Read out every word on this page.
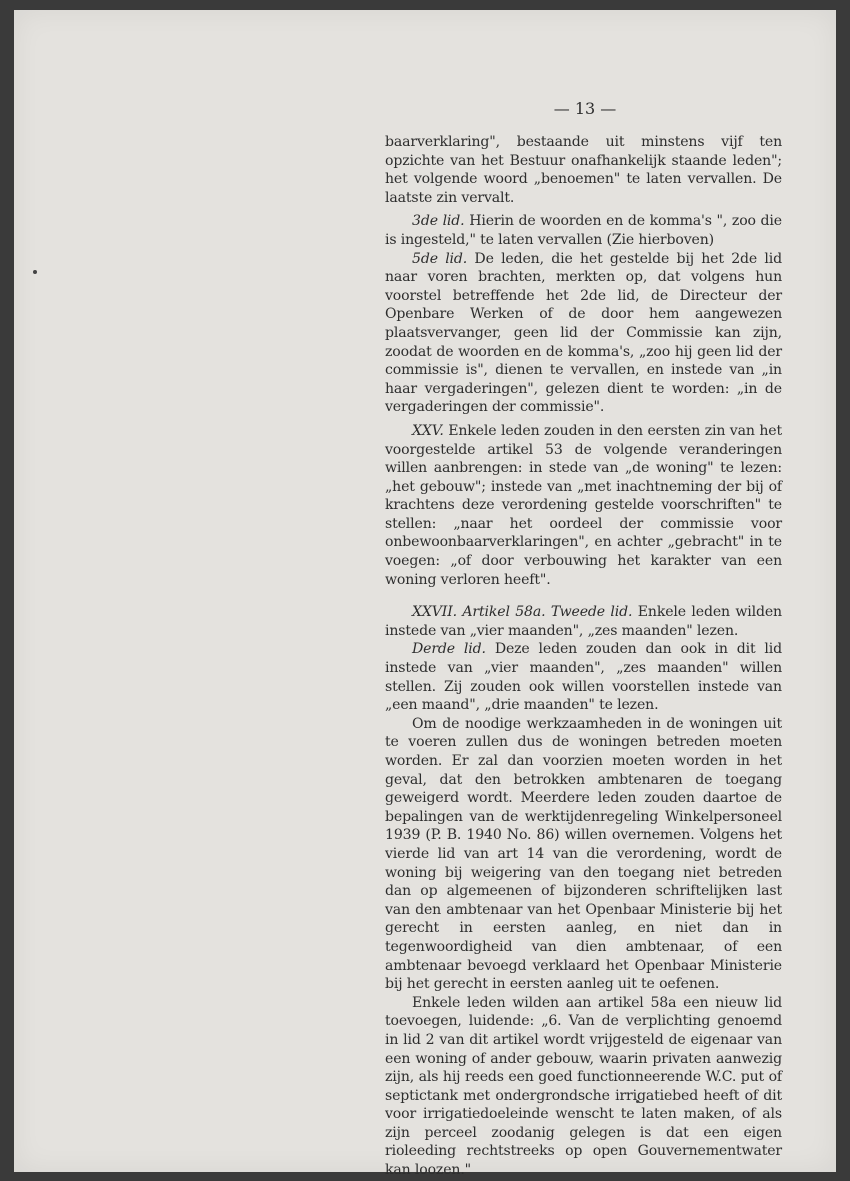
— 13 —

baarverklaring", bestaande uit minstens vijf ten opzichte van het Bestuur onafhankelijk staande leden"; het volgende woord „benoemen" te laten vervallen. De laatste zin vervalt.

3de lid. Hierin de woorden en de komma's ", zoo die is ingesteld," te laten vervallen (Zie hierboven)

5de lid. De leden, die het gestelde bij het 2de lid naar voren brachten, merkten op, dat volgens hun voorstel betreffende het 2de lid, de Directeur der Openbare Werken of de door hem aangewezen plaatsvervanger, geen lid der Commissie kan zijn, zoodat de woorden en de komma's, „zoo hij geen lid der commissie is", dienen te vervallen, en instede van „in haar vergaderingen", gelezen dient te worden: „in de vergaderingen der commissie".

XXV. Enkele leden zouden in den eersten zin van het voorgestelde artikel 53 de volgende veranderingen willen aanbrengen: in stede van „de woning" te lezen: „het gebouw"; instede van „met inachtneming der bij of krachtens deze verordening gestelde voorschriften" te stellen: „naar het oordeel der commissie voor onbewoonbaarverklaringen", en achter „gebracht" in te voegen: „of door verbouwing het karakter van een woning verloren heeft".

XXVII. Artikel 58a. Tweede lid. Enkele leden wilden instede van „vier maanden", „zes maanden" lezen.

Derde lid. Deze leden zouden dan ook in dit lid instede van „vier maanden", „zes maanden" willen stellen. Zij zouden ook willen voorstellen instede van „een maand", „drie maanden" te lezen.

Om de noodige werkzaamheden in de woningen uit te voeren zullen dus de woningen betreden moeten worden. Er zal dan voorzien moeten worden in het geval, dat den betrokken ambtenaren de toegang geweigerd wordt. Meerdere leden zouden daartoe de bepalingen van de werktijdenregeling Winkelpersoneel 1939 (P. B. 1940 No. 86) willen overnemen. Volgens het vierde lid van art 14 van die verordening, wordt de woning bij weigering van den toegang niet betreden dan op algemeenen of bijzonderen schriftelijken last van den ambtenaar van het Openbaar Ministerie bij het gerecht in eersten aanleg, en niet dan in tegenwoordigheid van dien ambtenaar, of een ambtenaar bevoegd verklaard het Openbaar Ministerie bij het gerecht in eersten aanleg uit te oefenen.

Enkele leden wilden aan artikel 58a een nieuw lid toevoegen, luidende: „6. Van de verplichting genoemd in lid 2 van dit artikel wordt vrijgesteld de eigenaar van een woning of ander gebouw, waarin privaten aanwezig zijn, als hij reeds een goed functionneerende W.C. put of septictank met ondergrondsche irrigatiebed heeft of dit voor irrigatiedoeleinde wenscht te laten maken, of als zijn perceel zoodanig gelegen is dat een eigen rioleeding rechtstreeks op open Gouvernementwater kan loozen."
